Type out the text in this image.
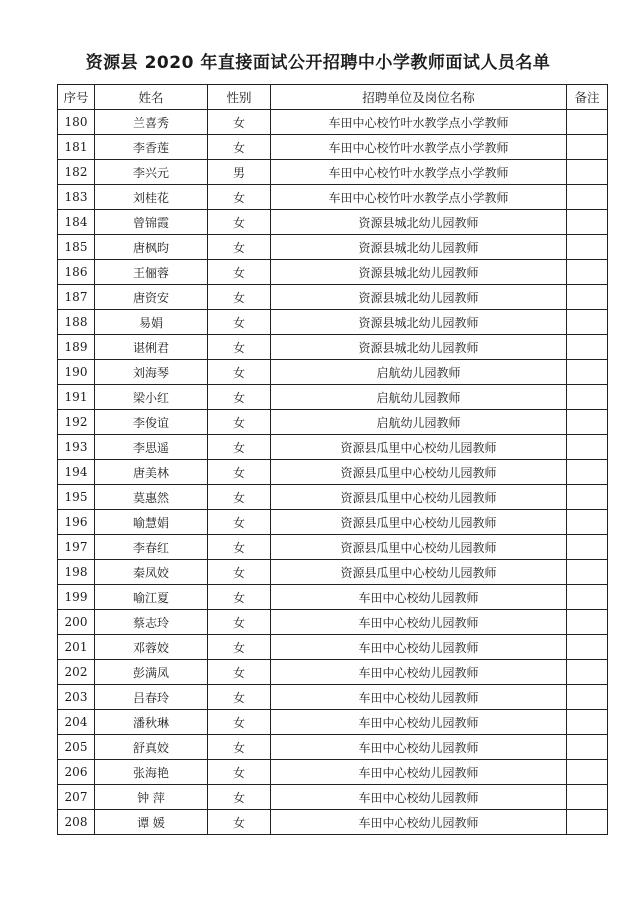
资源县 2020 年直接面试公开招聘中小学教师面试人员名单
序号	姓名	性别	招聘单位及岗位名称	备注
180	兰喜秀	女	车田中心校竹叶水教学点小学教师	
181	李香莲	女	车田中心校竹叶水教学点小学教师	
182	李兴元	男	车田中心校竹叶水教学点小学教师	
183	刘桂花	女	车田中心校竹叶水教学点小学教师	
184	曾锦霞	女	资源县城北幼儿园教师	
185	唐枫昀	女	资源县城北幼儿园教师	
186	王俪蓉	女	资源县城北幼儿园教师	
187	唐资安	女	资源县城北幼儿园教师	
188	易娟	女	资源县城北幼儿园教师	
189	谌俐君	女	资源县城北幼儿园教师	
190	刘海琴	女	启航幼儿园教师	
191	梁小红	女	启航幼儿园教师	
192	李俊谊	女	启航幼儿园教师	
193	李思遥	女	资源县瓜里中心校幼儿园教师	
194	唐美林	女	资源县瓜里中心校幼儿园教师	
195	莫惠然	女	资源县瓜里中心校幼儿园教师	
196	喻慧娟	女	资源县瓜里中心校幼儿园教师	
197	李春红	女	资源县瓜里中心校幼儿园教师	
198	秦凤姣	女	资源县瓜里中心校幼儿园教师	
199	喻江夏	女	车田中心校幼儿园教师	
200	蔡志玲	女	车田中心校幼儿园教师	
201	邓蓉姣	女	车田中心校幼儿园教师	
202	彭满凤	女	车田中心校幼儿园教师	
203	吕春玲	女	车田中心校幼儿园教师	
204	潘秋琳	女	车田中心校幼儿园教师	
205	舒真姣	女	车田中心校幼儿园教师	
206	张海艳	女	车田中心校幼儿园教师	
207	钟 萍	女	车田中心校幼儿园教师	
208	谭 媛	女	车田中心校幼儿园教师	
